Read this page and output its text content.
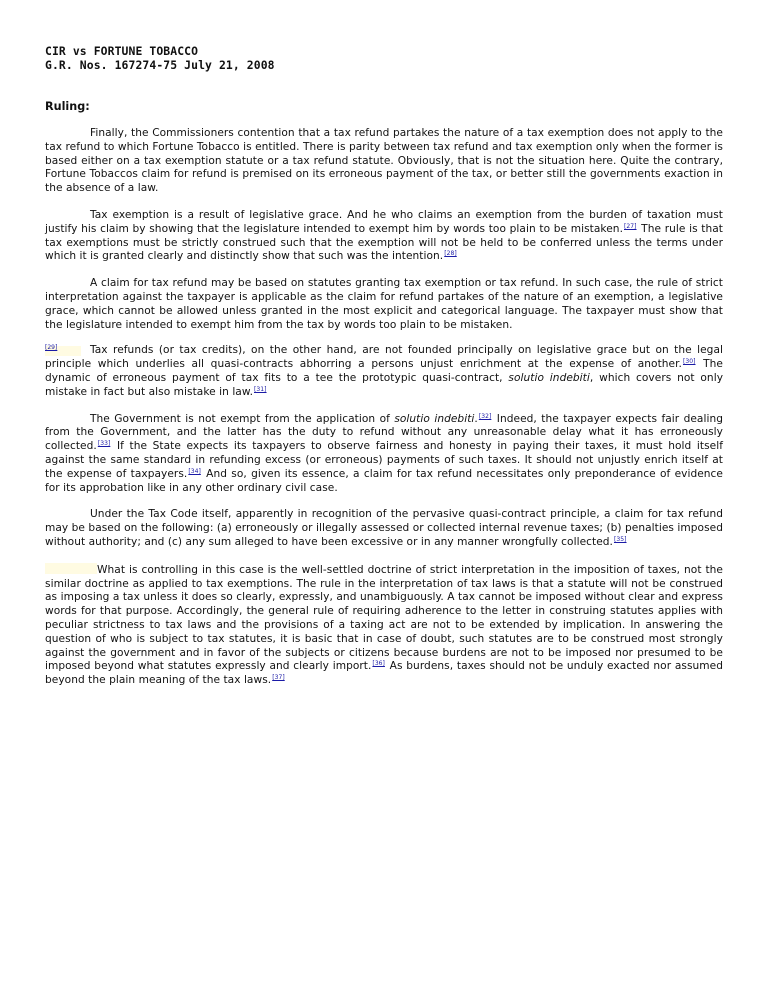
CIR vs FORTUNE TOBACCO
G.R. Nos. 167274-75 July 21, 2008
Ruling:

Finally, the Commissioners contention that a tax refund partakes the nature of a tax exemption does not apply to the tax refund to which Fortune Tobacco is entitled. There is parity between tax refund and tax exemption only when the former is based either on a tax exemption statute or a tax refund statute. Obviously, that is not the situation here. Quite the contrary, Fortune Tobaccos claim for refund is premised on its erroneous payment of the tax, or better still the governments exaction in the absence of a law.

Tax exemption is a result of legislative grace. And he who claims an exemption from the burden of taxation must justify his claim by showing that the legislature intended to exempt him by words too plain to be mistaken.[27] The rule is that tax exemptions must be strictly construed such that the exemption will not be held to be conferred unless the terms under which it is granted clearly and distinctly show that such was the intention.[28]

A claim for tax refund may be based on statutes granting tax exemption or tax refund. In such case, the rule of strict interpretation against the taxpayer is applicable as the claim for refund partakes of the nature of an exemption, a legislative grace, which cannot be allowed unless granted in the most explicit and categorical language. The taxpayer must show that the legislature intended to exempt him from the tax by words too plain to be mistaken.

[29]	Tax refunds (or tax credits), on the other hand, are not founded principally on legislative grace but on the legal principle which underlies all quasi-contracts abhorring a persons unjust enrichment at the expense of another.[30] The dynamic of erroneous payment of tax fits to a tee the prototypic quasi-contract, solutio indebiti, which covers not only mistake in fact but also mistake in law.[31]

The Government is not exempt from the application of solutio indebiti.[32] Indeed, the taxpayer expects fair dealing from the Government, and the latter has the duty to refund without any unreasonable delay what it has erroneously collected.[33] If the State expects its taxpayers to observe fairness and honesty in paying their taxes, it must hold itself against the same standard in refunding excess (or erroneous) payments of such taxes. It should not unjustly enrich itself at the expense of taxpayers.[34] And so, given its essence, a claim for tax refund necessitates only preponderance of evidence for its approbation like in any other ordinary civil case.

Under the Tax Code itself, apparently in recognition of the pervasive quasi-contract principle, a claim for tax refund may be based on the following: (a) erroneously or illegally assessed or collected internal revenue taxes; (b) penalties imposed without authority; and (c) any sum alleged to have been excessive or in any manner wrongfully collected.[35]

What is controlling in this case is the well-settled doctrine of strict interpretation in the imposition of taxes, not the similar doctrine as applied to tax exemptions. The rule in the interpretation of tax laws is that a statute will not be construed as imposing a tax unless it does so clearly, expressly, and unambiguously. A tax cannot be imposed without clear and express words for that purpose. Accordingly, the general rule of requiring adherence to the letter in construing statutes applies with peculiar strictness to tax laws and the provisions of a taxing act are not to be extended by implication. In answering the question of who is subject to tax statutes, it is basic that in case of doubt, such statutes are to be construed most strongly against the government and in favor of the subjects or citizens because burdens are not to be imposed nor presumed to be imposed beyond what statutes expressly and clearly import.[36] As burdens, taxes should not be unduly exacted nor assumed beyond the plain meaning of the tax laws.[37]
